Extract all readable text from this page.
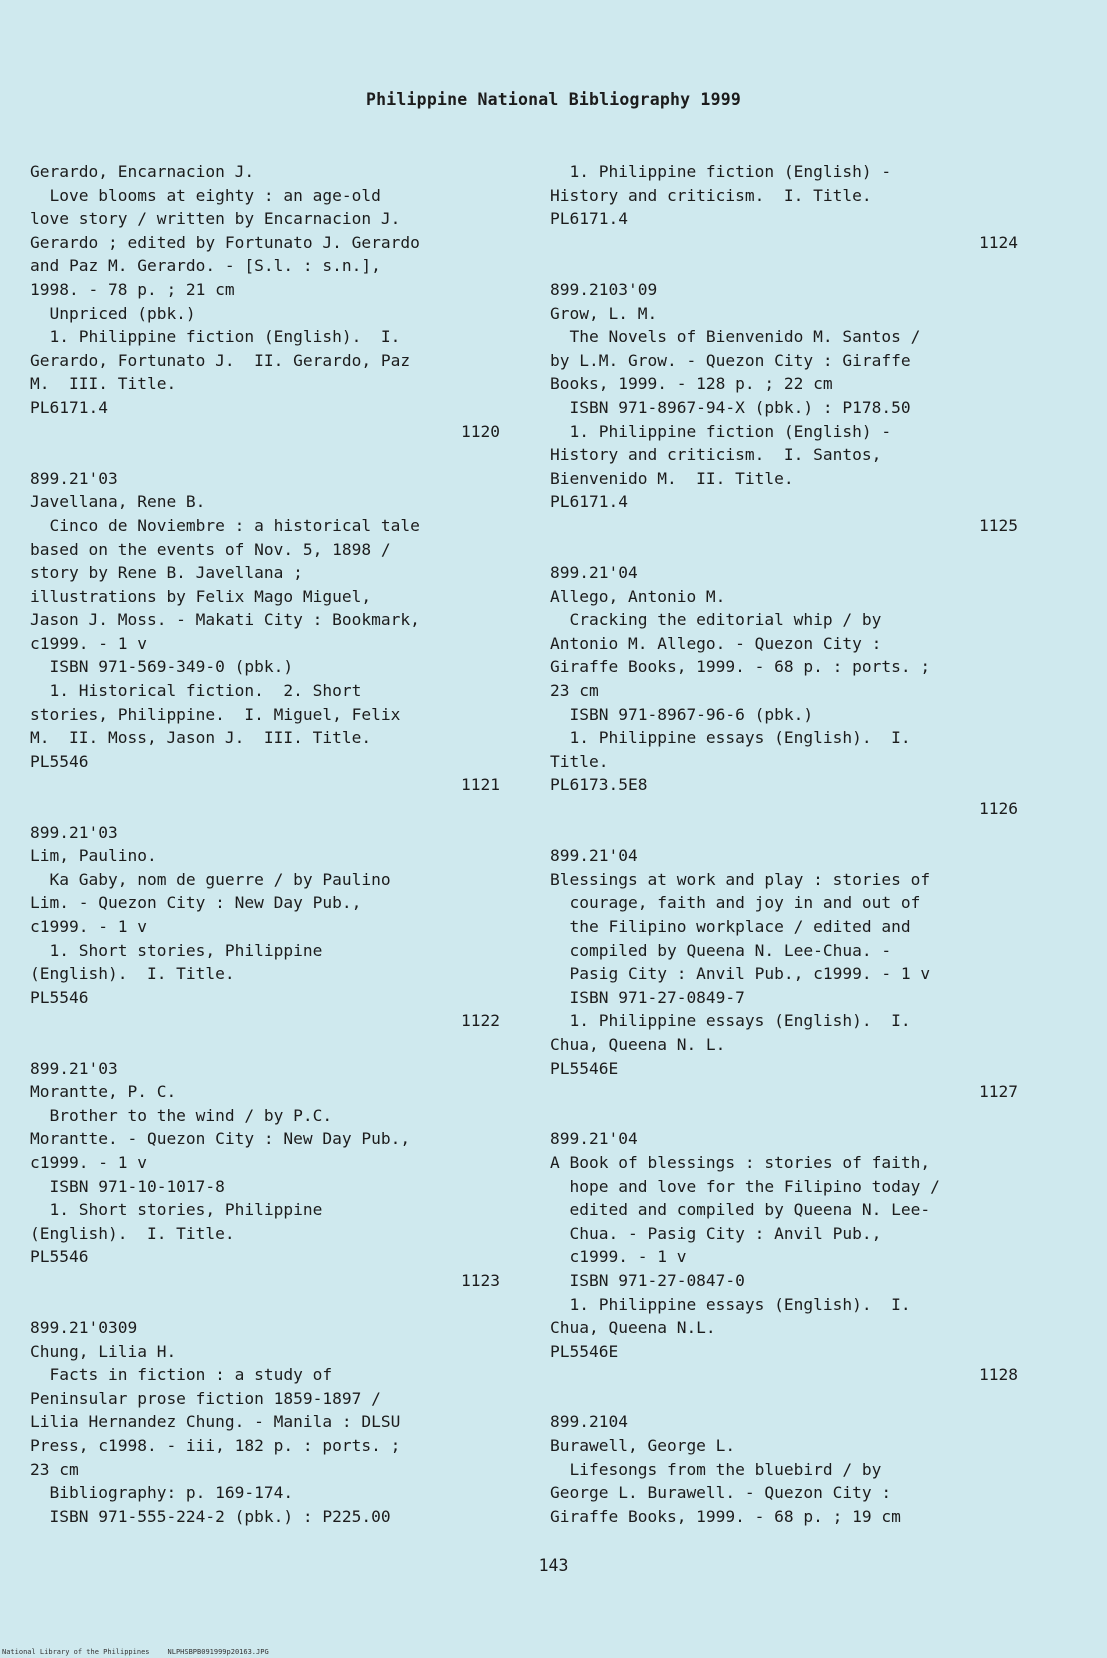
Philippine National Bibliography 1999
Gerardo, Encarnacion J.
Love blooms at eighty : an age-old
love story / written by Encarnacion J.
Gerardo ; edited by Fortunato J. Gerardo
and Paz M. Gerardo. - [S.l. : s.n.],
1998. - 78 p. ; 21 cm
Unpriced (pbk.)
1. Philippine fiction (English).  I.
Gerardo, Fortunato J.  II. Gerardo, Paz
M.  III. Title.
PL6171.4
1120
899.21'03
Javellana, Rene B.
Cinco de Noviembre : a historical tale
based on the events of Nov. 5, 1898 /
story by Rene B. Javellana ;
illustrations by Felix Mago Miguel,
Jason J. Moss. - Makati City : Bookmark,
c1999. - 1 v
ISBN 971-569-349-0 (pbk.)
1. Historical fiction.  2. Short
stories, Philippine.  I. Miguel, Felix
M.  II. Moss, Jason J.  III. Title.
PL5546
1121
899.21'03
Lim, Paulino.
Ka Gaby, nom de guerre / by Paulino
Lim. - Quezon City : New Day Pub.,
c1999. - 1 v
1. Short stories, Philippine
(English).  I. Title.
PL5546
1122
899.21'03
Morantte, P. C.
Brother to the wind / by P.C.
Morantte. - Quezon City : New Day Pub.,
c1999. - 1 v
ISBN 971-10-1017-8
1. Short stories, Philippine
(English).  I. Title.
PL5546
1123
899.21'0309
Chung, Lilia H.
Facts in fiction : a study of
Peninsular prose fiction 1859-1897 /
Lilia Hernandez Chung. - Manila : DLSU
Press, c1998. - iii, 182 p. : ports. ;
23 cm
Bibliography: p. 169-174.
ISBN 971-555-224-2 (pbk.) : P225.00
1. Philippine fiction (English) -
History and criticism.  I. Title.
PL6171.4
1124
899.2103'09
Grow, L. M.
The Novels of Bienvenido M. Santos /
by L.M. Grow. - Quezon City : Giraffe
Books, 1999. - 128 p. ; 22 cm
ISBN 971-8967-94-X (pbk.) : P178.50
1. Philippine fiction (English) -
History and criticism.  I. Santos,
Bienvenido M.  II. Title.
PL6171.4
1125
899.21'04
Allego, Antonio M.
Cracking the editorial whip / by
Antonio M. Allego. - Quezon City :
Giraffe Books, 1999. - 68 p. : ports. ;
23 cm
ISBN 971-8967-96-6 (pbk.)
1. Philippine essays (English).  I.
Title.
PL6173.5E8
1126
899.21'04
Blessings at work and play : stories of
courage, faith and joy in and out of
the Filipino workplace / edited and
compiled by Queena N. Lee-Chua. -
Pasig City : Anvil Pub., c1999. - 1 v
ISBN 971-27-0849-7
1. Philippine essays (English).  I.
Chua, Queena N. L.
PL5546E
1127
899.21'04
A Book of blessings : stories of faith,
hope and love for the Filipino today /
edited and compiled by Queena N. Lee-
Chua. - Pasig City : Anvil Pub.,
c1999. - 1 v
ISBN 971-27-0847-0
1. Philippine essays (English).  I.
Chua, Queena N.L.
PL5546E
1128
899.2104
Burawell, George L.
Lifesongs from the bluebird / by
George L. Burawell. - Quezon City :
Giraffe Books, 1999. - 68 p. ; 19 cm
143
National Library of the Philippines	NLPHSBPB091999p20163.JPG
